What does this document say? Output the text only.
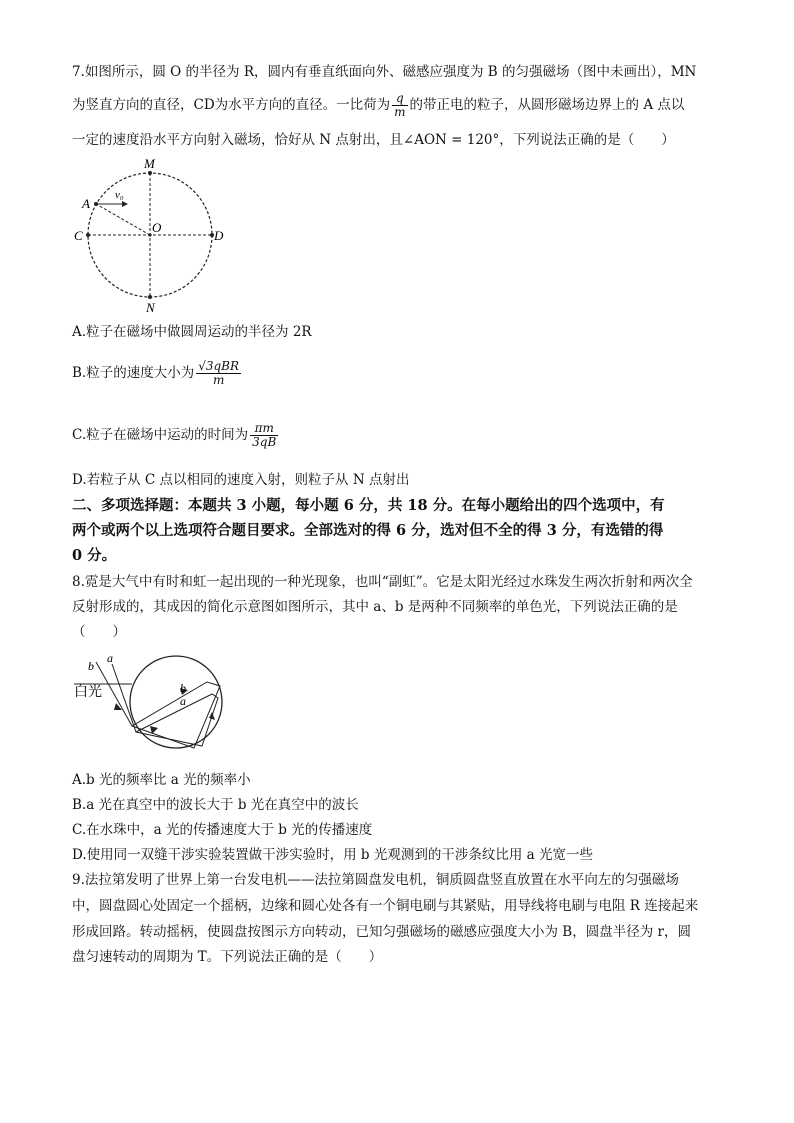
7.如图所示，圆 O 的半径为 R，圆内有垂直纸面向外、磁感应强度为 B 的匀强磁场（图中未画出），MN
为竖直方向的直径，CD为水平方向的直径。一比荷为 $\frac{q}{m}$ 的带正电的粒子，从圆形磁场边界上的 A 点以
一定的速度沿水平方向射入磁场，恰好从 N 点射出，且∠AON = 120°，下列说法正确的是（　　）
M
N
C	D
O
A
v₀
A.粒子在磁场中做圆周运动的半径为 2R
B.粒子的速度大小为 $\frac{\text{√3qBR}}{m}$
C.粒子在磁场中运动的时间为 $\frac{\pi m}{3qB}$
D.若粒子从 C 点以相同的速度入射，则粒子从 N 点射出
二、多项选择题：本题共 3 小题，每小题 6 分，共 18 分。在每小题给出的四个选项中，有
两个或两个以上选项符合题目要求。全部选对的得 6 分，选对但不全的得 3 分，有选错的得
0 分。
8.霓是大气中有时和虹一起出现的一种光现象，也叫“副虹”。它是太阳光经过水珠发生两次折射和两次全
反射形成的，其成因的简化示意图如图所示，其中 a、b 是两种不同频率的单色光，下列说法正确的是
（　　）
白光
b
a
b
a
A.b 光的频率比 a 光的频率小
B.a 光在真空中的波长大于 b 光在真空中的波长
C.在水珠中，a 光的传播速度大于 b 光的传播速度
D.使用同一双缝干涉实验装置做干涉实验时，用 b 光观测到的干涉条纹比用 a 光宽一些
9.法拉第发明了世界上第一台发电机——法拉第圆盘发电机，铜质圆盘竖直放置在水平向左的匀强磁场
中，圆盘圆心处固定一个摇柄，边缘和圆心处各有一个铜电刷与其紧贴，用导线将电刷与电阻 R 连接起来
形成回路。转动摇柄，使圆盘按图示方向转动，已知匀强磁场的磁感应强度大小为 B，圆盘半径为 r，圆
盘匀速转动的周期为 T。下列说法正确的是（　　）
